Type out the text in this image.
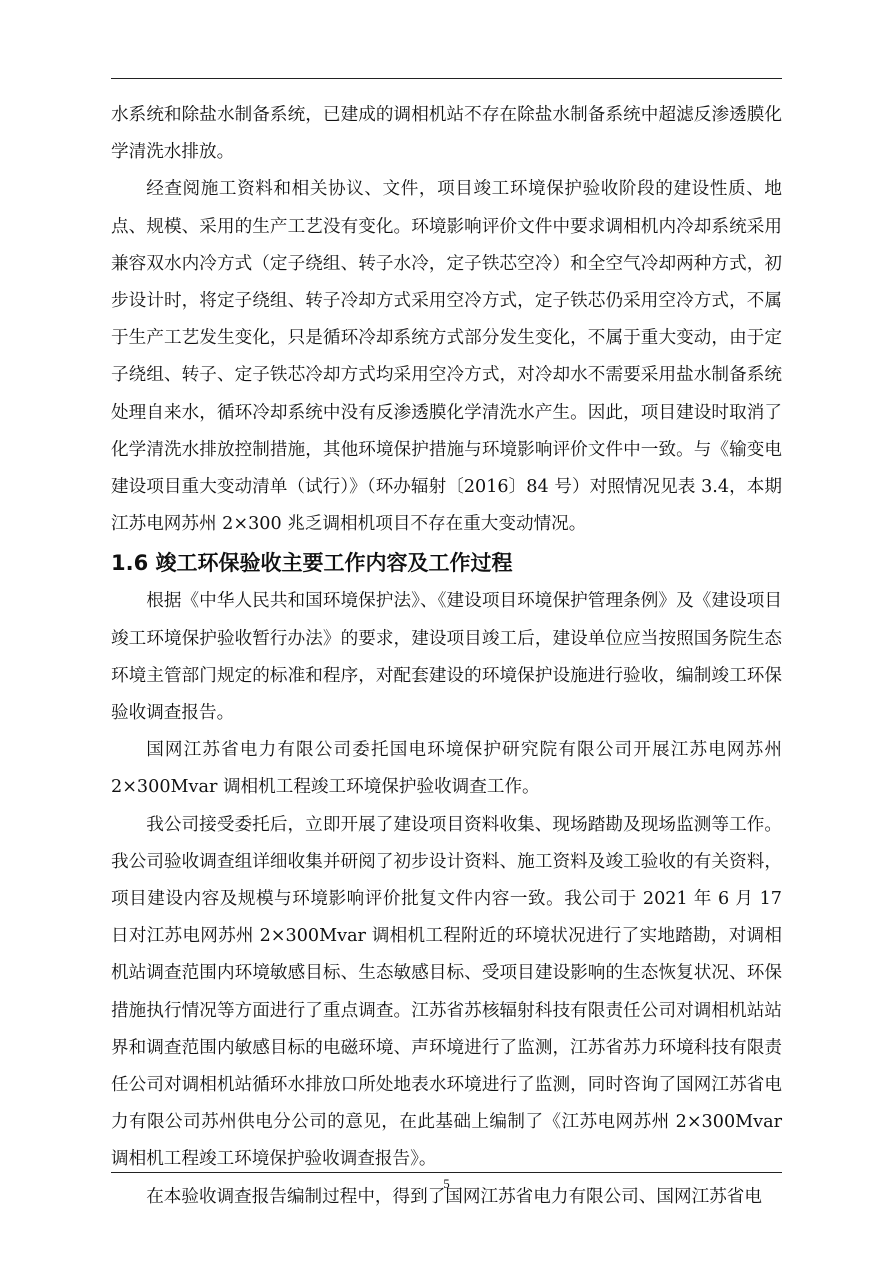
水系统和除盐水制备系统，已建成的调相机站不存在除盐水制备系统中超滤反渗透膜化学清洗水排放。

经查阅施工资料和相关协议、文件，项目竣工环境保护验收阶段的建设性质、地点、规模、采用的生产工艺没有变化。环境影响评价文件中要求调相机内冷却系统采用兼容双水内冷方式（定子绕组、转子水冷，定子铁芯空冷）和全空气冷却两种方式，初步设计时，将定子绕组、转子冷却方式采用空冷方式，定子铁芯仍采用空冷方式，不属于生产工艺发生变化，只是循环冷却系统方式部分发生变化，不属于重大变动，由于定子绕组、转子、定子铁芯冷却方式均采用空冷方式，对冷却水不需要采用盐水制备系统处理自来水，循环冷却系统中没有反渗透膜化学清洗水产生。因此，项目建设时取消了化学清洗水排放控制措施，其他环境保护措施与环境影响评价文件中一致。与《输变电建设项目重大变动清单（试行）》（环办辐射〔2016〕84 号）对照情况见表 3.4，本期江苏电网苏州 2×300 兆乏调相机项目不存在重大变动情况。

1.6 竣工环保验收主要工作内容及工作过程

根据《中华人民共和国环境保护法》、《建设项目环境保护管理条例》及《建设项目竣工环境保护验收暂行办法》的要求，建设项目竣工后，建设单位应当按照国务院生态环境主管部门规定的标准和程序，对配套建设的环境保护设施进行验收，编制竣工环保验收调查报告。

国网江苏省电力有限公司委托国电环境保护研究院有限公司开展江苏电网苏州 2×300Mvar 调相机工程竣工环境保护验收调查工作。

我公司接受委托后，立即开展了建设项目资料收集、现场踏勘及现场监测等工作。我公司验收调查组详细收集并研阅了初步设计资料、施工资料及竣工验收的有关资料，项目建设内容及规模与环境影响评价批复文件内容一致。我公司于 2021 年 6 月 17 日对江苏电网苏州 2×300Mvar 调相机工程附近的环境状况进行了实地踏勘，对调相机站调查范围内环境敏感目标、生态敏感目标、受项目建设影响的生态恢复状况、环保措施执行情况等方面进行了重点调查。江苏省苏核辐射科技有限责任公司对调相机站站界和调查范围内敏感目标的电磁环境、声环境进行了监测，江苏省苏力环境科技有限责任公司对调相机站循环水排放口所处地表水环境进行了监测，同时咨询了国网江苏省电力有限公司苏州供电分公司的意见，在此基础上编制了《江苏电网苏州 2×300Mvar 调相机工程竣工环境保护验收调查报告》。

在本验收调查报告编制过程中，得到了国网江苏省电力有限公司、国网江苏省电

5
